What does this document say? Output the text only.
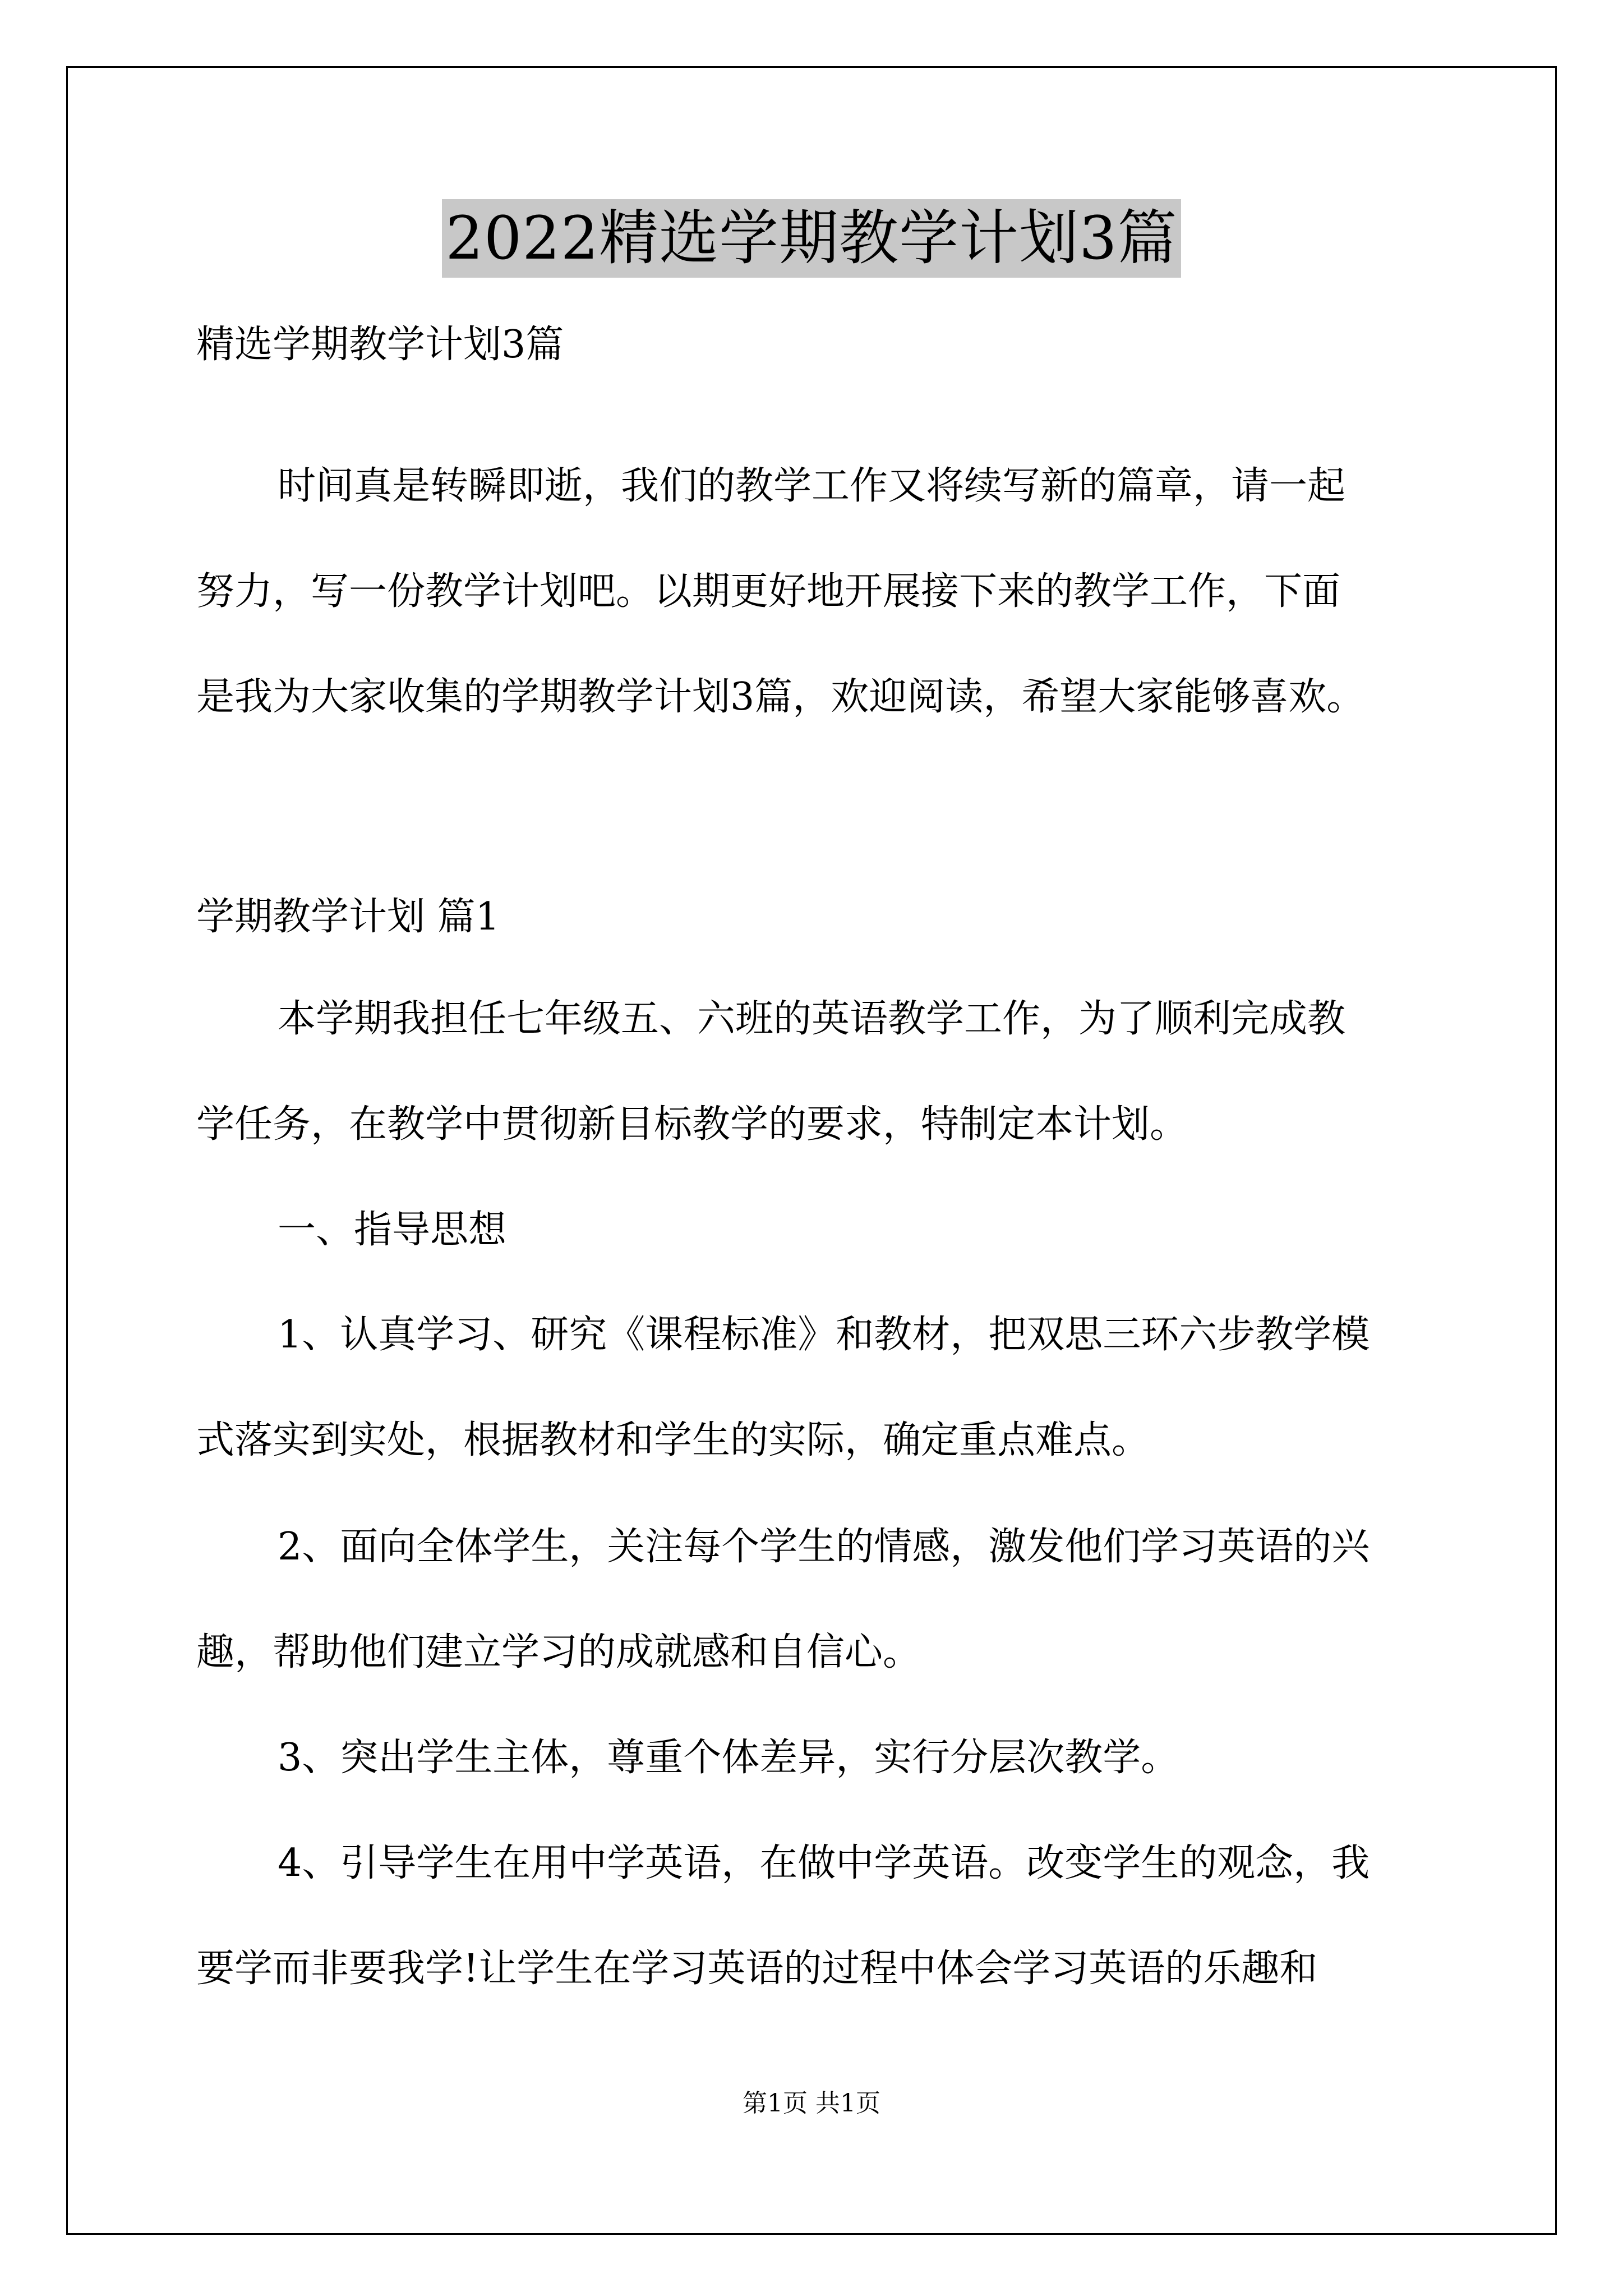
2022精选学期教学计划3篇
精选学期教学计划3篇
时间真是转瞬即逝，我们的教学工作又将续写新的篇章，请一起
努力，写一份教学计划吧。以期更好地开展接下来的教学工作，下面
是我为大家收集的学期教学计划3篇，欢迎阅读，希望大家能够喜欢。
学期教学计划 篇1
本学期我担任七年级五、六班的英语教学工作，为了顺利完成教
学任务，在教学中贯彻新目标教学的要求，特制定本计划。
一、指导思想
1、认真学习、研究《课程标准》和教材，把双思三环六步教学模
式落实到实处，根据教材和学生的实际，确定重点难点。
2、面向全体学生，关注每个学生的情感，激发他们学习英语的兴
趣，帮助他们建立学习的成就感和自信心。
3、突出学生主体，尊重个体差异，实行分层次教学。
4、引导学生在用中学英语，在做中学英语。改变学生的观念，我
要学而非要我学!让学生在学习英语的过程中体会学习英语的乐趣和
第1页 共1页
